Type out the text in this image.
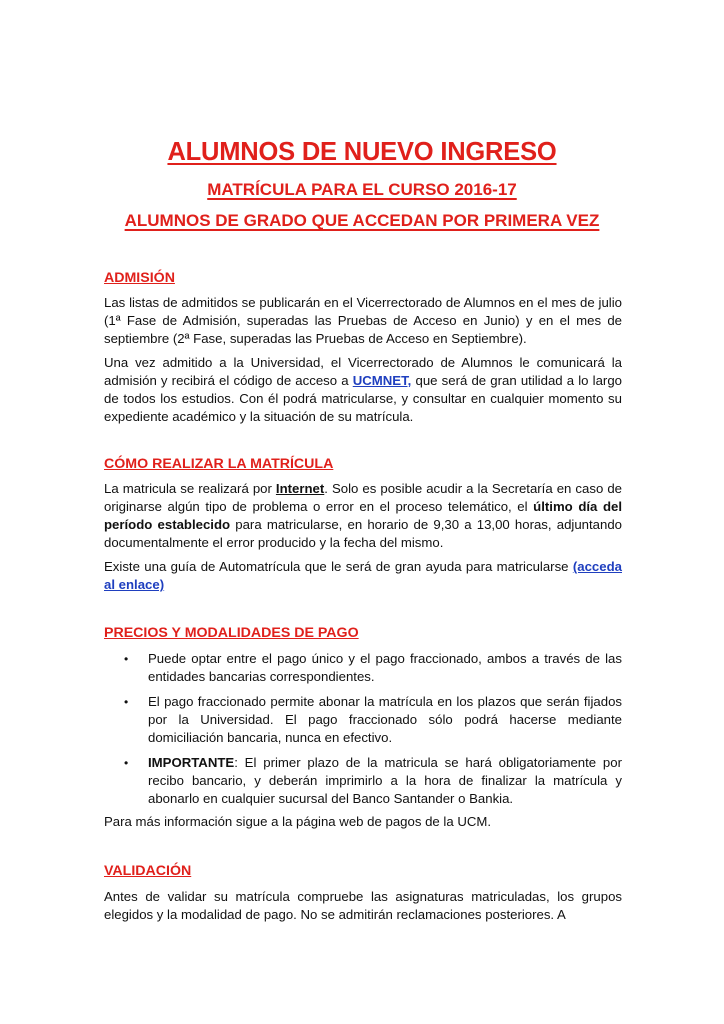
ALUMNOS DE NUEVO INGRESO
MATRÍCULA PARA EL CURSO 2016-17
ALUMNOS DE GRADO QUE ACCEDAN POR PRIMERA VEZ
ADMISIÓN

Las listas de admitidos se publicarán en el Vicerrectorado de Alumnos en el mes de julio (1ª Fase de Admisión, superadas las Pruebas de Acceso en Junio) y en el mes de septiembre (2ª Fase, superadas las Pruebas de Acceso en Septiembre).

Una vez admitido a la Universidad, el Vicerrectorado de Alumnos le comunicará la admisión y recibirá el código de acceso a UCMNET, que será de gran utilidad a lo largo de todos los estudios. Con él podrá matricularse, y consultar en cualquier momento su expediente académico y la situación de su matrícula.

CÓMO REALIZAR LA MATRÍCULA

La matricula se realizará por Internet. Solo es posible acudir a la Secretaría en caso de originarse algún tipo de problema o error en el proceso telemático, el último día del período establecido para matricularse, en horario de 9,30 a 13,00 horas, adjuntando documentalmente el error producido y la fecha del mismo.

Existe una guía de Automatrícula que le será de gran ayuda para matricularse (acceda al enlace)

PRECIOS Y MODALIDADES DE PAGO
• Puede optar entre el pago único y el pago fraccionado, ambos a través de las entidades bancarias correspondientes.
• El pago fraccionado permite abonar la matrícula en los plazos que serán fijados por la Universidad. El pago fraccionado sólo podrá hacerse mediante domiciliación bancaria, nunca en efectivo.
• IMPORTANTE: El primer plazo de la matricula se hará obligatoriamente por recibo bancario, y deberán imprimirlo a la hora de finalizar la matrícula y abonarlo en cualquier sucursal del Banco Santander o Bankia.

Para más información sigue a la página web de pagos de la UCM.

VALIDACIÓN

Antes de validar su matrícula compruebe las asignaturas matriculadas, los grupos elegidos y la modalidad de pago. No se admitirán reclamaciones posteriores. A
